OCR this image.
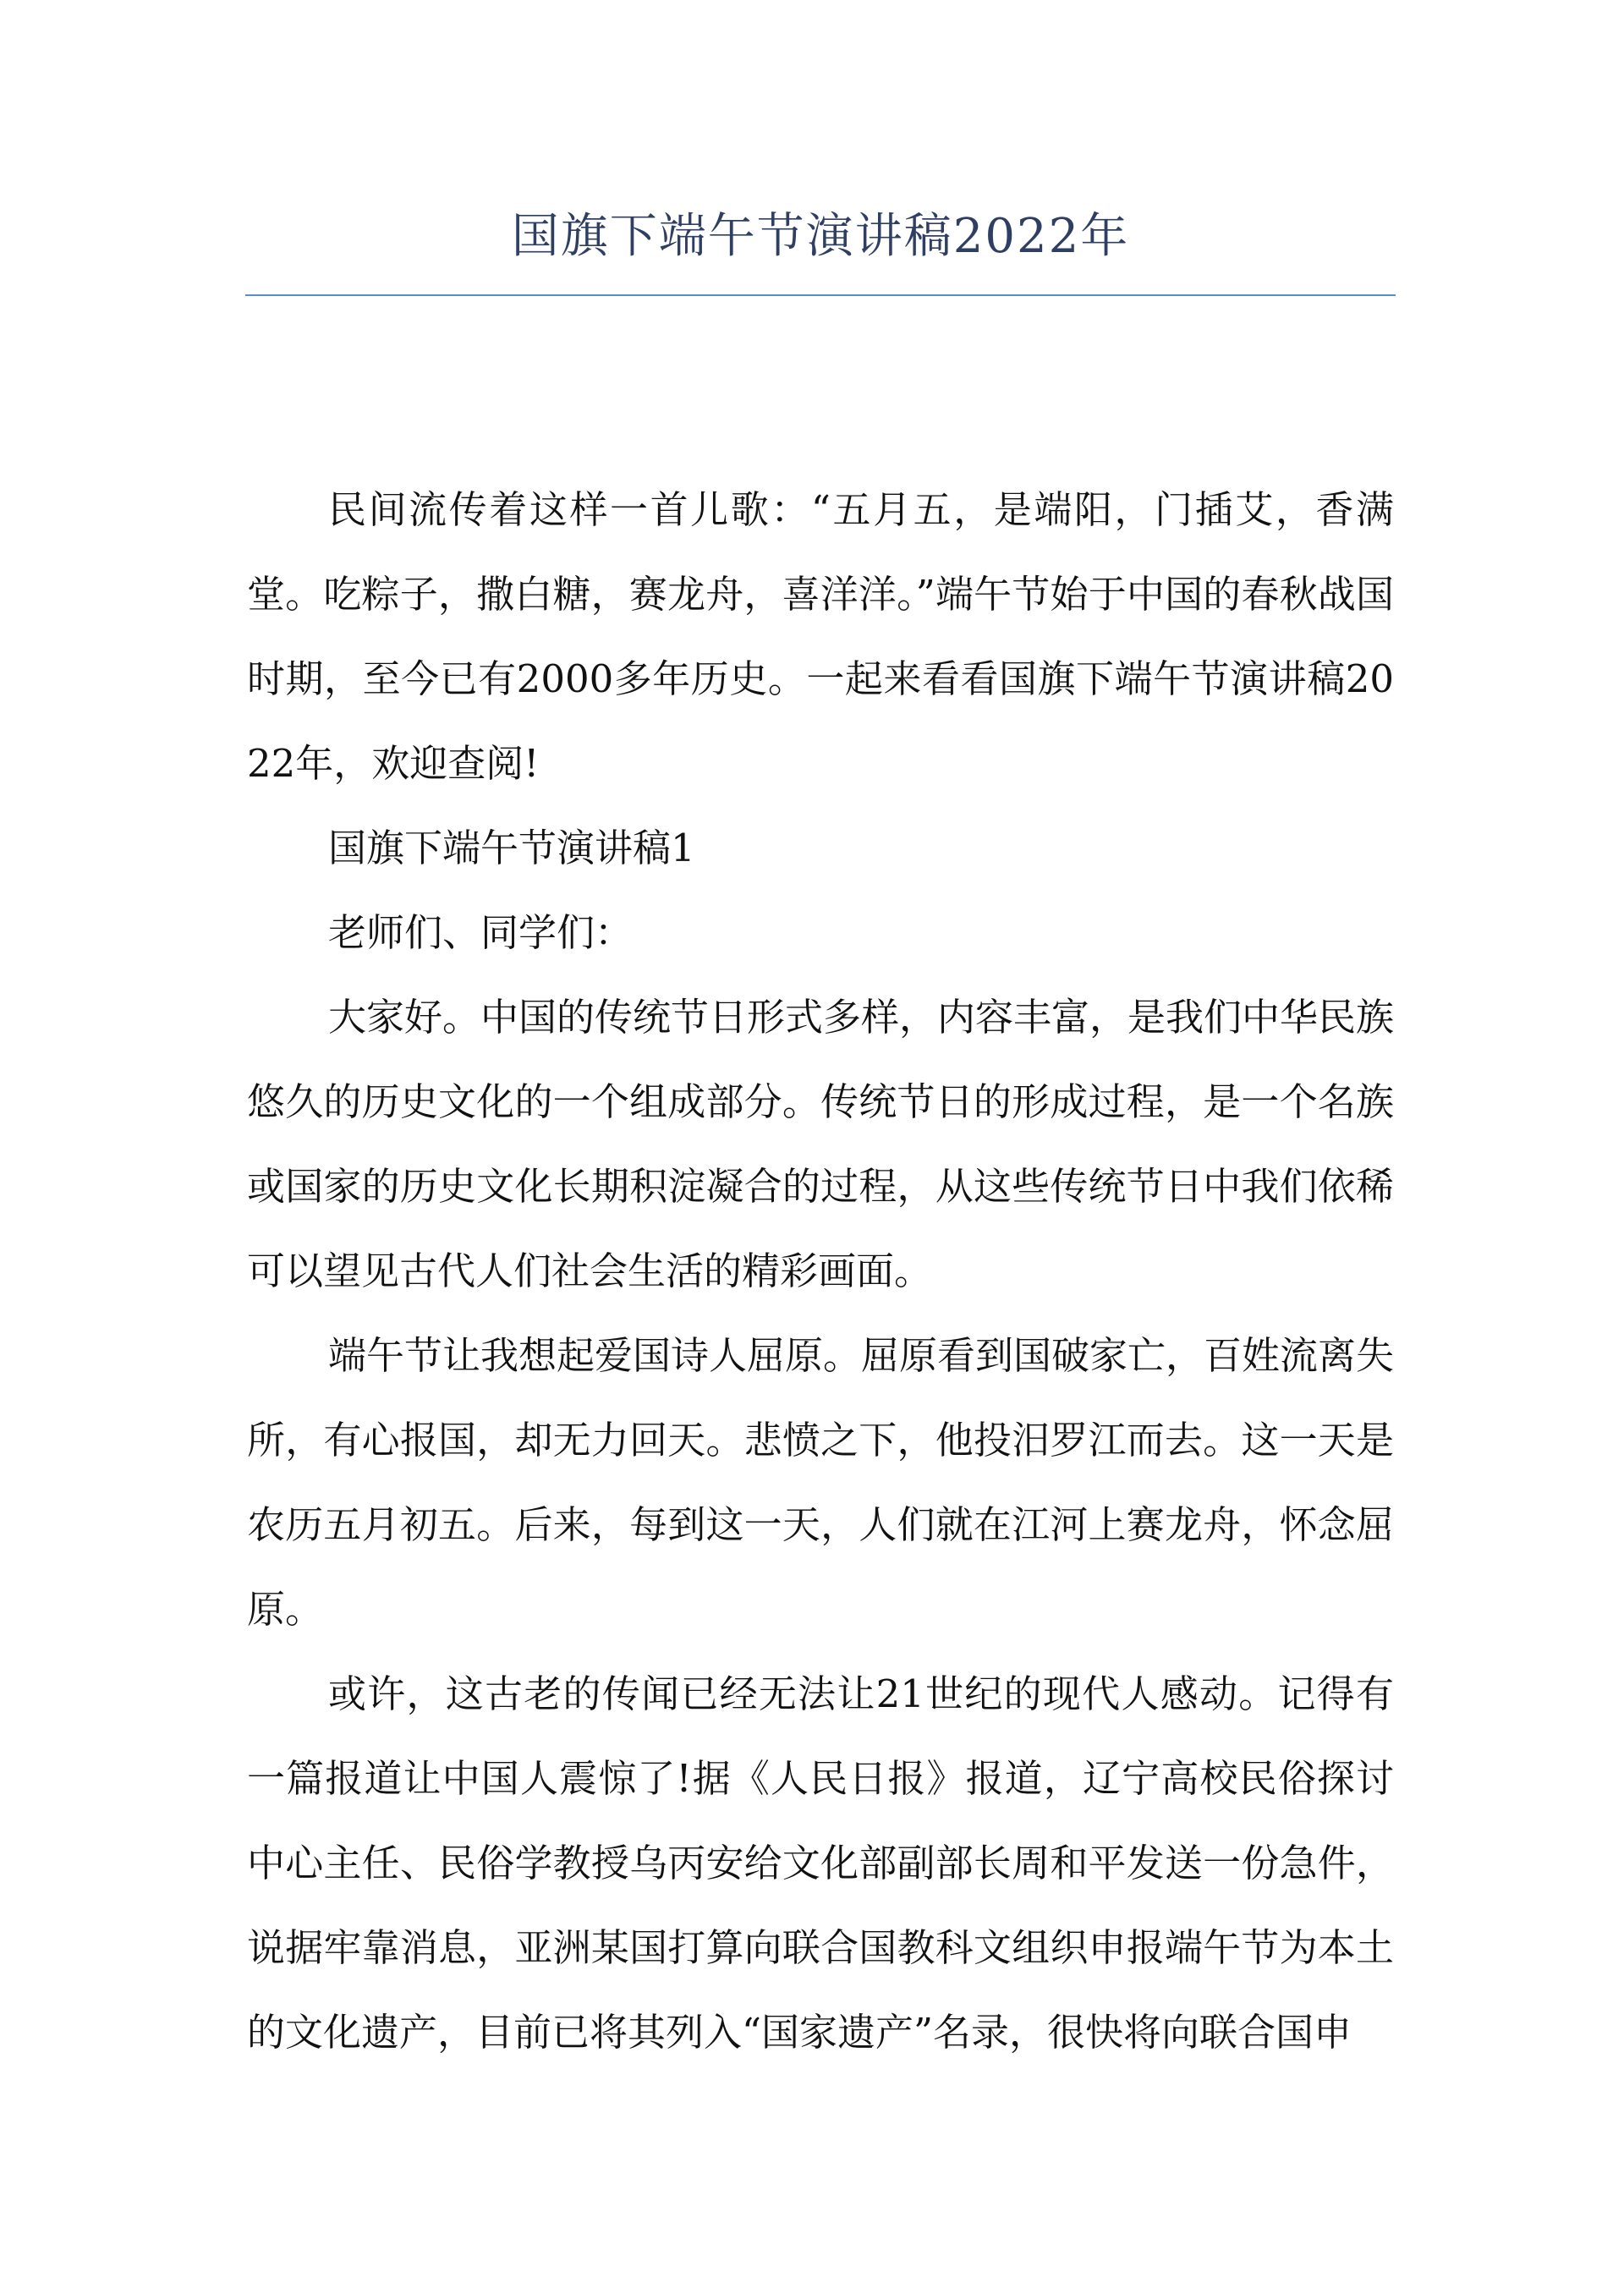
国旗下端午节演讲稿2022年

民间流传着这样一首儿歌：“五月五，是端阳，门插艾，香满堂。吃粽子，撒白糖，赛龙舟，喜洋洋。”端午节始于中国的春秋战国时期，至今已有2000多年历史。一起来看看国旗下端午节演讲稿2022年，欢迎查阅!

国旗下端午节演讲稿1

老师们、同学们：

大家好。中国的传统节日形式多样，内容丰富，是我们中华民族悠久的历史文化的一个组成部分。传统节日的形成过程，是一个名族或国家的历史文化长期积淀凝合的过程，从这些传统节日中我们依稀可以望见古代人们社会生活的精彩画面。

端午节让我想起爱国诗人屈原。屈原看到国破家亡，百姓流离失所，有心报国，却无力回天。悲愤之下，他投汨罗江而去。这一天是农历五月初五。后来，每到这一天，人们就在江河上赛龙舟，怀念屈原。

或许，这古老的传闻已经无法让21世纪的现代人感动。记得有一篇报道让中国人震惊了!据《人民日报》报道，辽宁高校民俗探讨中心主任、民俗学教授乌丙安给文化部副部长周和平发送一份急件，说据牢靠消息，亚洲某国打算向联合国教科文组织申报端午节为本土的文化遗产，目前已将其列入“国家遗产”名录，很快将向联合国申
